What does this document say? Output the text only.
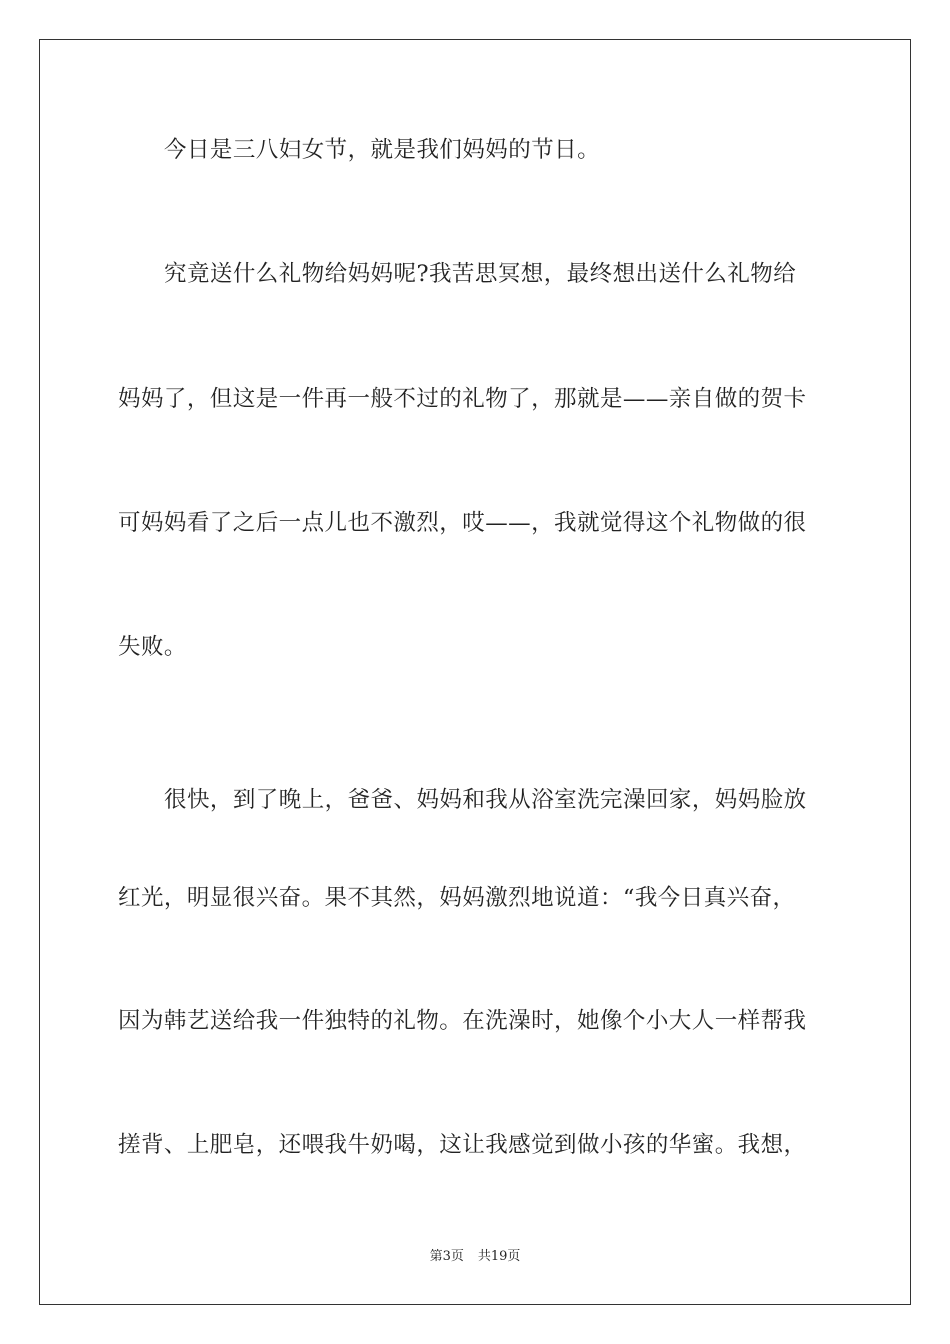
今日是三八妇女节，就是我们妈妈的节日。

究竟送什么礼物给妈妈呢?我苦思冥想，最终想出送什么礼物给

妈妈了，但这是一件再一般不过的礼物了，那就是——亲自做的贺卡

可妈妈看了之后一点儿也不激烈，哎——，我就觉得这个礼物做的很

失败。

很快，到了晚上，爸爸、妈妈和我从浴室洗完澡回家，妈妈脸放

红光，明显很兴奋。果不其然，妈妈激烈地说道：“我今日真兴奋，

因为韩艺送给我一件独特的礼物。在洗澡时，她像个小大人一样帮我

搓背、上肥皂，还喂我牛奶喝，这让我感觉到做小孩的华蜜。我想，

第3页 共19页
